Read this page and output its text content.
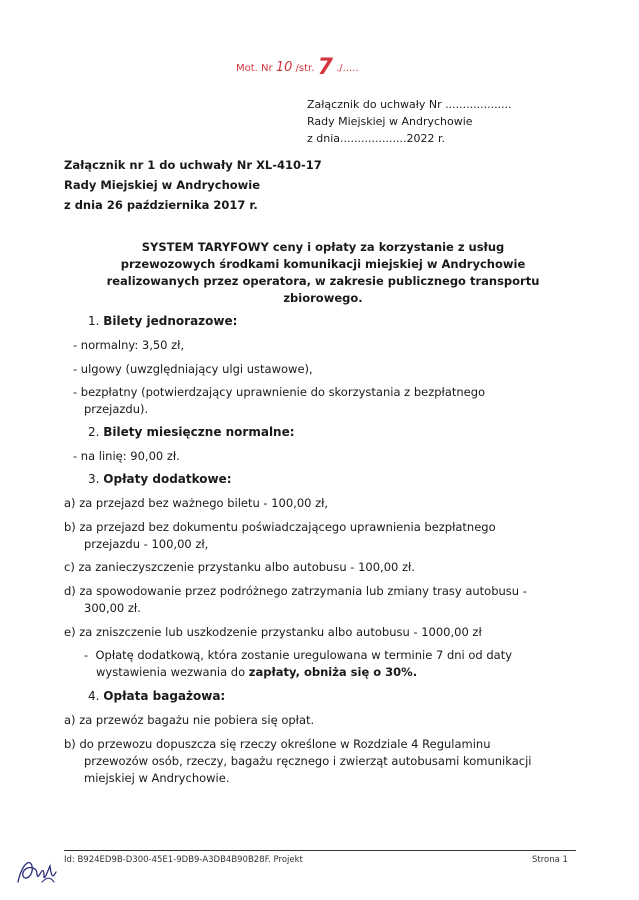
Mot. Nr 10 /str. 7 ./.....
Załącznik do uchwały Nr ...................
Rady Miejskiej w Andrychowie
z dnia...................2022 r.
Załącznik nr 1 do uchwały Nr XL-410-17
Rady Miejskiej w Andrychowie
z dnia 26 października 2017 r.
SYSTEM TARYFOWY ceny i opłaty za korzystanie z usług
przewozowych środkami komunikacji miejskiej w Andrychowie
realizowanych przez operatora, w zakresie publicznego transportu
zbiorowego.
1. Bilety jednorazowe:
- normalny: 3,50 zł,
- ulgowy (uwzględniający ulgi ustawowe),
- bezpłatny (potwierdzający uprawnienie do skorzystania z bezpłatnego
przejazdu).
2. Bilety miesięczne normalne:
- na linię: 90,00 zł.
3. Opłaty dodatkowe:
a) za przejazd bez ważnego biletu - 100,00 zł,
b) za przejazd bez dokumentu poświadczającego uprawnienia bezpłatnego
przejazdu - 100,00 zł,
c) za zanieczyszczenie przystanku albo autobusu - 100,00 zł.
d) za spowodowanie przez podróżnego zatrzymania lub zmiany trasy autobusu -
300,00 zł.
e) za zniszczenie lub uszkodzenie przystanku albo autobusu - 1000,00 zł
-  Opłatę dodatkową, która zostanie uregulowana w terminie 7 dni od daty
wystawienia wezwania do zapłaty, obniża się o 30%.
4. Opłata bagażowa:
a) za przewóz bagażu nie pobiera się opłat.
b) do przewozu dopuszcza się rzeczy określone w Rozdziale 4 Regulaminu
przewozów osób, rzeczy, bagażu ręcznego i zwierząt autobusami komunikacji
miejskiej w Andrychowie.
Id: B924ED9B-D300-45E1-9DB9-A3DB4B90B28F. Projekt	Strona 1
